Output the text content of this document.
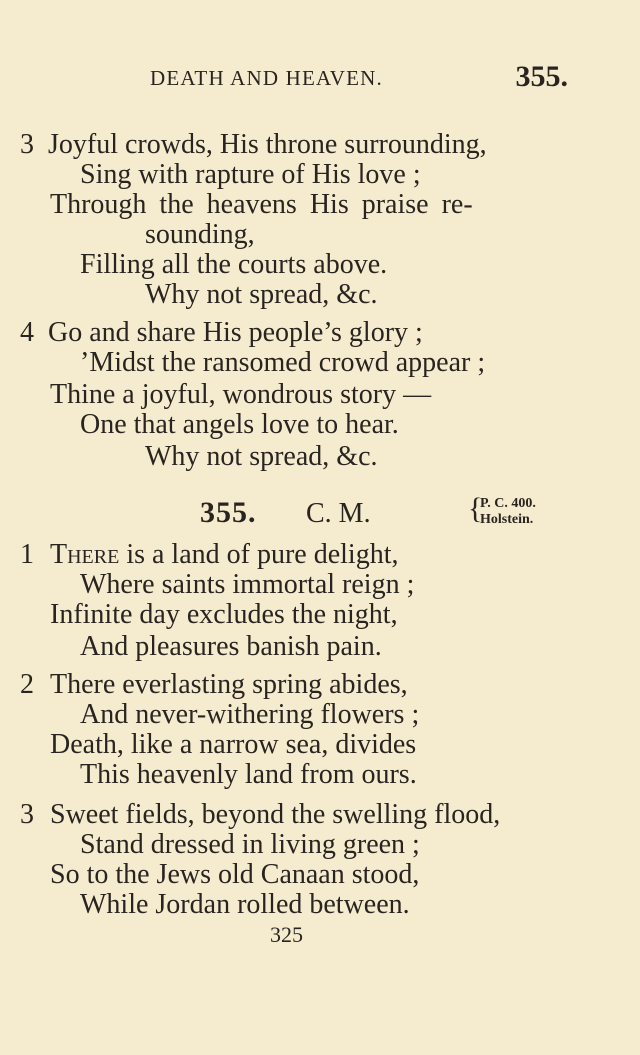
DEATH AND HEAVEN.	355.
3 Joyful crowds, His throne surrounding,
Sing with rapture of His love ;
Through the heavens His praise re-
sounding,
Filling all the courts above.
Why not spread, &c.
4 Go and share His people’s glory ;
’Midst the ransomed crowd appear ;
Thine a joyful, wondrous story —
One that angels love to hear.
Why not spread, &c.
355. C. M.	{
P. C. 400.
Holstein.
1 There is a land of pure delight,
Where saints immortal reign ;
Infinite day excludes the night,
And pleasures banish pain.
2 There everlasting spring abides,
And never-withering flowers ;
Death, like a narrow sea, divides
This heavenly land from ours.
3 Sweet fields, beyond the swelling flood,
Stand dressed in living green ;
So to the Jews old Canaan stood,
While Jordan rolled between.
325
